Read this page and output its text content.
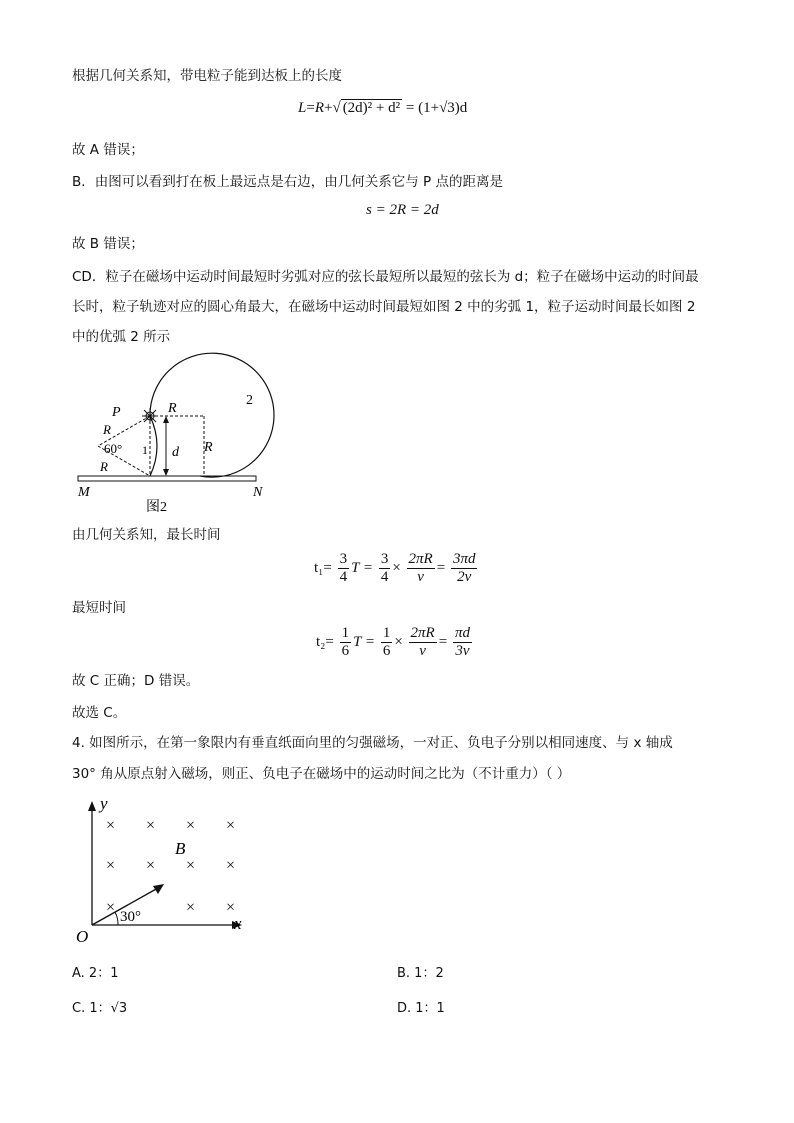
根据几何关系知，带电粒子能到达板上的长度

L=R+√ (2d)² + d² = (1+√3)d

故 A 错误；

B．由图可以看到打在板上最远点是右边，由几何关系它与 P 点的距离是

s = 2R = 2d

故 B 错误；

CD．粒子在磁场中运动时间最短时劣弧对应的弦长最短所以最短的弦长为 d；粒子在磁场中运动的时间最

长时，粒子轨迹对应的圆心角最大，在磁场中运动时间最短如图 2 中的劣弧 1，粒子运动时间最长如图 2

中的优弧 2 所示

P	R
R
60°
R
R
d
1
2
M	N
图2

由几何关系知，最长时间

$t_1= \frac{3}{4}$ $T = \frac{3}{4} \times \frac{2\pi R}{v} = \frac{3\pi d}{2v}$

最短时间

$t_2= \frac{1}{6}$ $T = \frac{1}{6} \times \frac{2\pi R}{v} = \frac{\pi d}{3v}$

故 C 正确；D 错误。

故选 C。

4. 如图所示，在第一象限内有垂直纸面向里的匀强磁场，一对正、负电子分别以相同速度、与 x 轴成

30° 角从原点射入磁场，则正、负电子在磁场中的运动时间之比为（不计重力）（ ）

y
x
O
B
× × × ×
× × × ×
×	× ×
30°
A. 2：1	B. 1：2
C. 1：√3	D. 1：1
